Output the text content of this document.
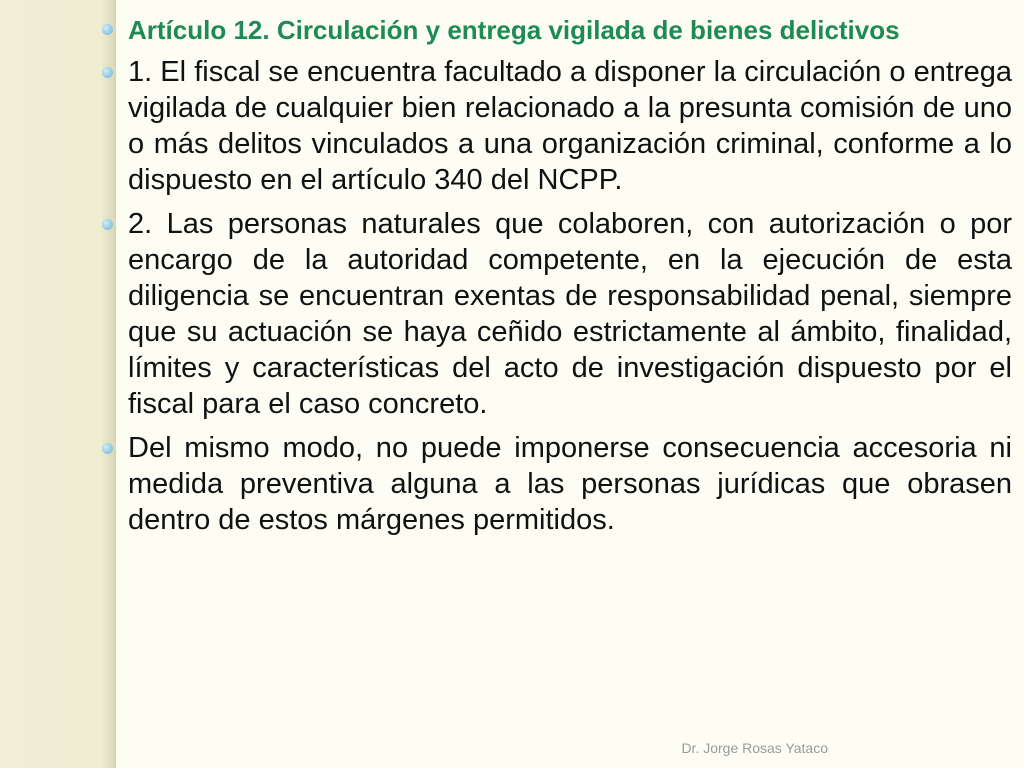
Artículo 12. Circulación y entrega vigilada de bienes delictivos
1. El fiscal se encuentra facultado a disponer la circulación o entrega vigilada de cualquier bien relacionado a la presunta comisión de uno o más delitos vinculados a una organización criminal, conforme a lo dispuesto en el artículo 340 del NCPP.
2. Las personas naturales que colaboren, con autorización o por encargo de la autoridad competente, en la ejecución de esta diligencia se encuentran exentas de responsabilidad penal, siempre que su actuación se haya ceñido estrictamente al ámbito, finalidad, límites y características del acto de investigación dispuesto por el fiscal para el caso concreto.
Del mismo modo, no puede imponerse consecuencia accesoria ni medida preventiva alguna a las personas jurídicas que obrasen dentro de estos márgenes permitidos.
Dr. Jorge Rosas Yataco
